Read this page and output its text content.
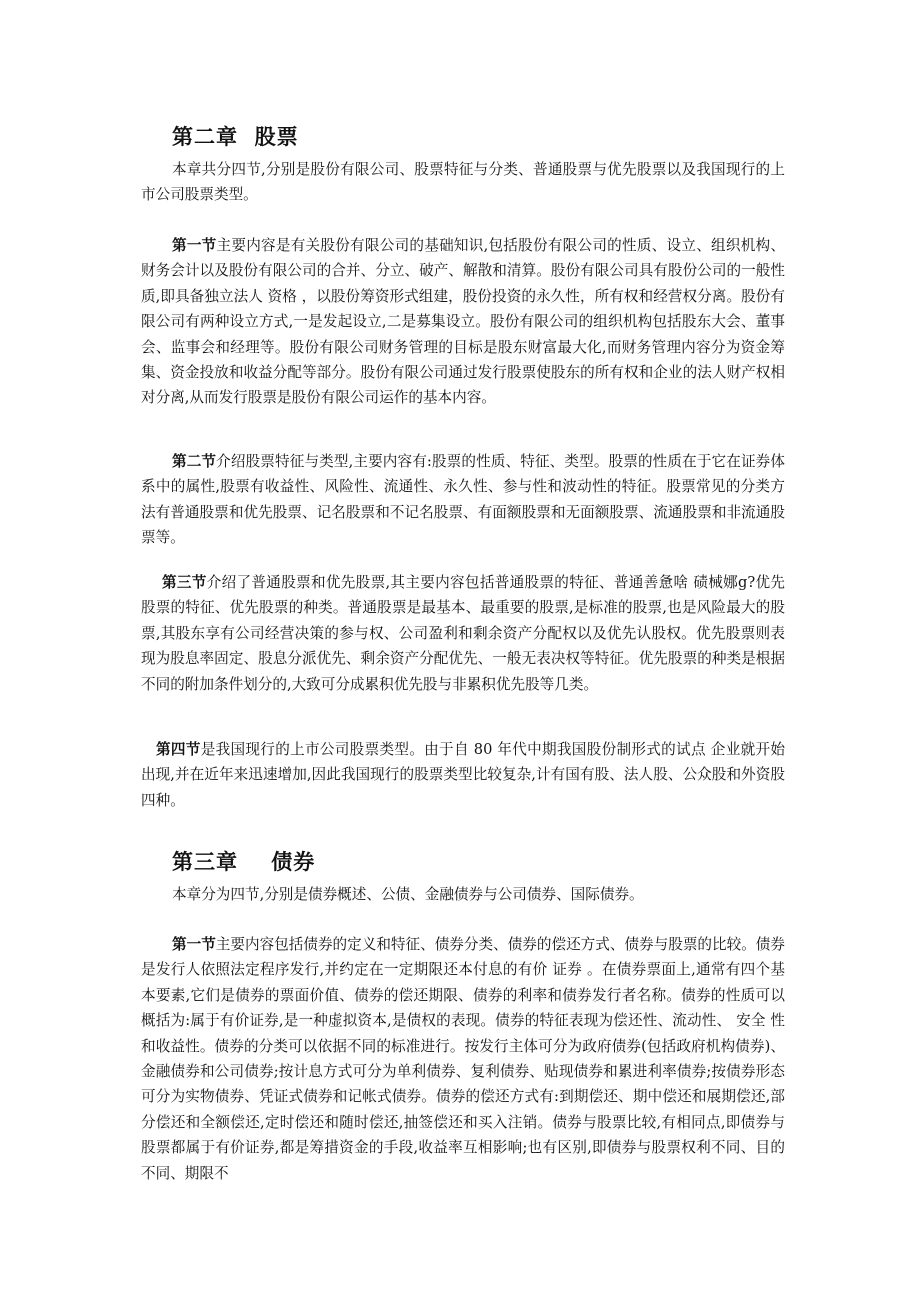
第二章  股票

本章共分四节,分别是股份有限公司、股票特征与分类、普通股票与优先股票以及我国现行的上市公司股票类型。

第一节主要内容是有关股份有限公司的基础知识,包括股份有限公司的性质、设立、组织机构、财务会计以及股份有限公司的合并、分立、破产、解散和清算。股份有限公司具有股份公司的一般性质,即具备独立法人 资格 ，以股份筹资形式组建，股份投资的永久性，所有权和经营权分离。股份有限公司有两种设立方式,一是发起设立,二是募集设立。股份有限公司的组织机构包括股东大会、董事会、监事会和经理等。股份有限公司财务管理的目标是股东财富最大化,而财务管理内容分为资金筹集、资金投放和收益分配等部分。股份有限公司通过发行股票使股东的所有权和企业的法人财产权相对分离,从而发行股票是股份有限公司运作的基本内容。

第二节介绍股票特征与类型,主要内容有:股票的性质、特征、类型。股票的性质在于它在证券体系中的属性,股票有收益性、风险性、流通性、永久性、参与性和波动性的特征。股票常见的分类方法有普通股票和优先股票、记名股票和不记名股票、有面额股票和无面额股票、流通股票和非流通股票等。

第三节介绍了普通股票和优先股票,其主要内容包括普通股票的特征、普通善惫啥 碛械娜g?优先股票的特征、优先股票的种类。普通股票是最基本、最重要的股票,是标准的股票,也是风险最大的股票,其股东享有公司经营决策的参与权、公司盈利和剩余资产分配权以及优先认股权。优先股票则表现为股息率固定、股息分派优先、剩余资产分配优先、一般无表决权等特征。优先股票的种类是根据不同的附加条件划分的,大致可分成累积优先股与非累积优先股等几类。

第四节是我国现行的上市公司股票类型。由于自 80 年代中期我国股份制形式的试点 企业就开始出现,并在近年来迅速增加,因此我国现行的股票类型比较复杂,计有国有股、法人股、公众股和外资股四种。

第三章    债券

本章分为四节,分别是债券概述、公债、金融债券与公司债券、国际债券。

第一节主要内容包括债券的定义和特征、债券分类、债券的偿还方式、债券与股票的比较。债券是发行人依照法定程序发行,并约定在一定期限还本付息的有价 证券 。在债券票面上,通常有四个基本要素,它们是债券的票面价值、债券的偿还期限、债券的利率和债券发行者名称。债券的性质可以概括为:属于有价证券,是一种虚拟资本,是债权的表现。债券的特征表现为偿还性、流动性、 安全 性和收益性。债券的分类可以依据不同的标准进行。按发行主体可分为政府债券(包括政府机构债券)、金融债券和公司债券;按计息方式可分为单利债券、复利债券、贴现债券和累进利率债券;按债券形态可分为实物债券、凭证式债券和记帐式债券。债券的偿还方式有:到期偿还、期中偿还和展期偿还,部分偿还和全额偿还,定时偿还和随时偿还,抽签偿还和买入注销。债券与股票比较,有相同点,即债券与股票都属于有价证券,都是筹措资金的手段,收益率互相影响;也有区别,即债券与股票权利不同、目的不同、期限不
